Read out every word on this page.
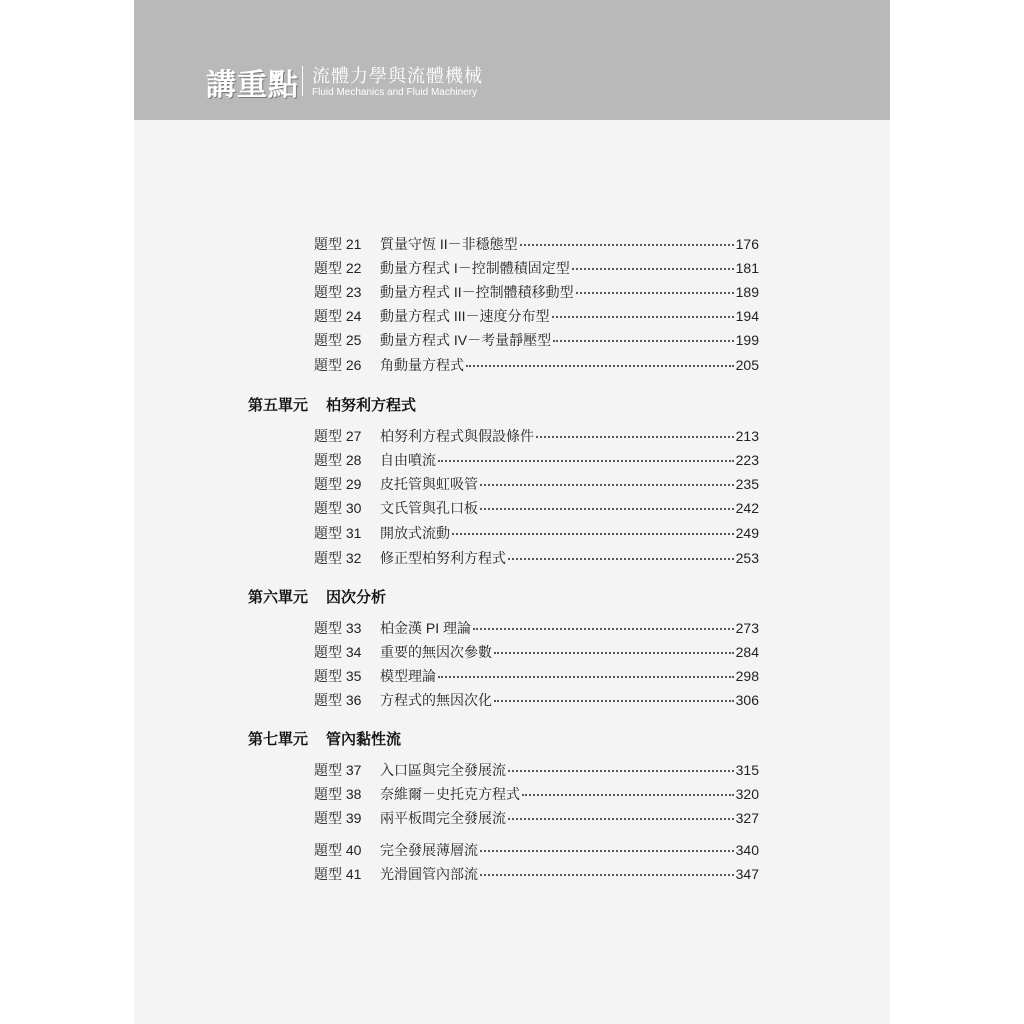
講重點 流體力學與流體機械
Fluid Mechanics and Fluid Machinery
題型 21	質量守恆 II－非穩態型	176
題型 22	動量方程式 I－控制體積固定型	181
題型 23	動量方程式 II－控制體積移動型	189
題型 24	動量方程式 III－速度分布型	194
題型 25	動量方程式 IV－考量靜壓型	199
題型 26	角動量方程式	205
第五單元 柏努利方程式
題型 27	柏努利方程式與假設條件	213
題型 28	自由噴流	223
題型 29	皮托管與虹吸管	235
題型 30	文氏管與孔口板	242
題型 31	開放式流動	249
題型 32	修正型柏努利方程式	253
第六單元 因次分析
題型 33	柏金漢 PI 理論	273
題型 34	重要的無因次參數	284
題型 35	模型理論	298
題型 36	方程式的無因次化	306
第七單元 管內黏性流
題型 37	入口區與完全發展流	315
題型 38	奈維爾－史托克方程式	320
題型 39	兩平板間完全發展流	327
題型 40	完全發展薄層流	340
題型 41	光滑圓管內部流	347
